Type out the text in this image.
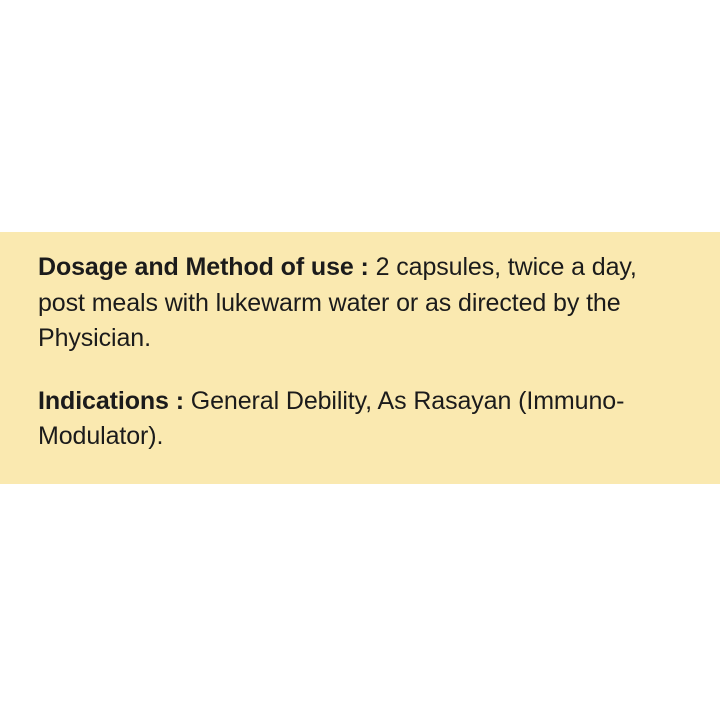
Dosage and Method of use : 2 capsules, twice a day, post meals with lukewarm water or as directed by the Physician.

Indications : General Debility, As Rasayan (Immuno-Modulator).
